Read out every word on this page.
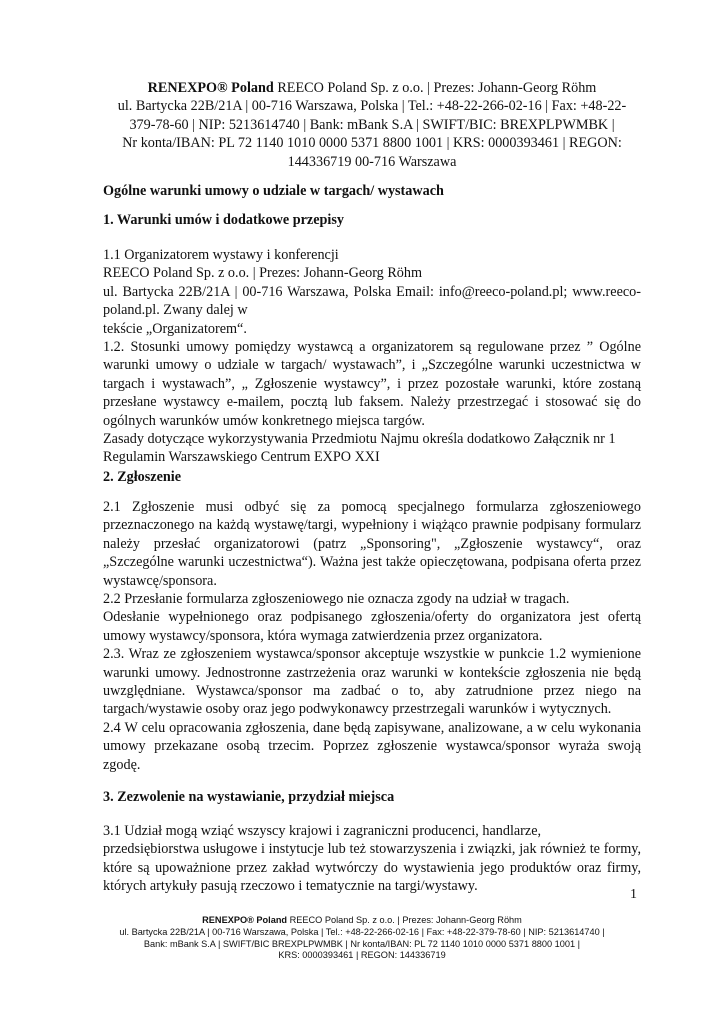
RENEXPO® Poland REECO Poland Sp. z o.o. | Prezes: Johann-Georg Röhm
ul. Bartycka 22B/21A | 00-716 Warszawa, Polska | Tel.: +48-22-266-02-16 | Fax: +48-22-
379-78-60 | NIP: 5213614740 | Bank: mBank S.A | SWIFT/BIC: BREXPLPWMBK |
Nr konta/IBAN: PL 72 1140 1010 0000 5371 8800 1001 | KRS: 0000393461 | REGON:
144336719 00-716 Warszawa
Ogólne warunki umowy o udziale w targach/ wystawach
1. Warunki umów i dodatkowe przepisy

1.1 Organizatorem wystawy i konferencji

REECO Poland Sp. z o.o. | Prezes: Johann-Georg Röhm

ul. Bartycka 22B/21A | 00-716 Warszawa, Polska Email: info@reeco-poland.pl; www.reeco-poland.pl. Zwany dalej w

tekście „Organizatorem“.

1.2. Stosunki umowy pomiędzy wystawcą a organizatorem są regulowane przez ” Ogólne warunki umowy o udziale w targach/ wystawach”, i „Szczególne warunki uczestnictwa w targach i wystawach”, „ Zgłoszenie wystawcy”, i przez pozostałe warunki, które zostaną przesłane wystawcy e-mailem, pocztą lub faksem. Należy przestrzegać i stosować się do ogólnych warunków umów konkretnego miejsca targów.

Zasady dotyczące wykorzystywania Przedmiotu Najmu określa dodatkowo Załącznik nr 1 Regulamin Warszawskiego Centrum EXPO XXI

2. Zgłoszenie

2.1 Zgłoszenie musi odbyć się za pomocą specjalnego formularza zgłoszeniowego przeznaczonego na każdą wystawę/targi, wypełniony i wiążąco prawnie podpisany formularz należy przesłać organizatorowi (patrz „Sponsoring", „Zgłoszenie wystawcy“, oraz „Szczególne warunki uczestnictwa“). Ważna jest także opieczętowana, podpisana oferta przez wystawcę/sponsora.

2.2 Przesłanie formularza zgłoszeniowego nie oznacza zgody na udział w tragach.

Odesłanie wypełnionego oraz podpisanego zgłoszenia/oferty do organizatora jest ofertą umowy wystawcy/sponsora, która wymaga zatwierdzenia przez organizatora.

2.3. Wraz ze zgłoszeniem wystawca/sponsor akceptuje wszystkie w punkcie 1.2 wymienione warunki umowy. Jednostronne zastrzeżenia oraz warunki w kontekście zgłoszenia nie będą uwzględniane. Wystawca/sponsor ma zadbać o to, aby zatrudnione przez niego na targach/wystawie osoby oraz jego podwykonawcy przestrzegali warunków i wytycznych.

2.4 W celu opracowania zgłoszenia, dane będą zapisywane, analizowane, a w celu wykonania umowy przekazane osobą trzecim. Poprzez zgłoszenie wystawca/sponsor wyraża swoją zgodę.

3. Zezwolenie na wystawianie, przydział miejsca

3.1 Udział mogą wziąć wszyscy krajowi i zagraniczni producenci, handlarze,

przedsiębiorstwa usługowe i instytucje lub też stowarzyszenia i związki, jak również te formy, które są upoważnione przez zakład wytwórczy do wystawienia jego produktów oraz firmy, których artykuły pasują rzeczowo i tematycznie na targi/wystawy.

1
RENEXPO® Poland REECO Poland Sp. z o.o. | Prezes: Johann-Georg Röhm
ul. Bartycka 22B/21A | 00-716 Warszawa, Polska | Tel.: +48-22-266-02-16 | Fax: +48-22-379-78-60 | NIP: 5213614740 |
Bank: mBank S.A | SWIFT/BIC BREXPLPWMBK | Nr konta/IBAN: PL 72 1140 1010 0000 5371 8800 1001 |
KRS: 0000393461 | REGON: 144336719
